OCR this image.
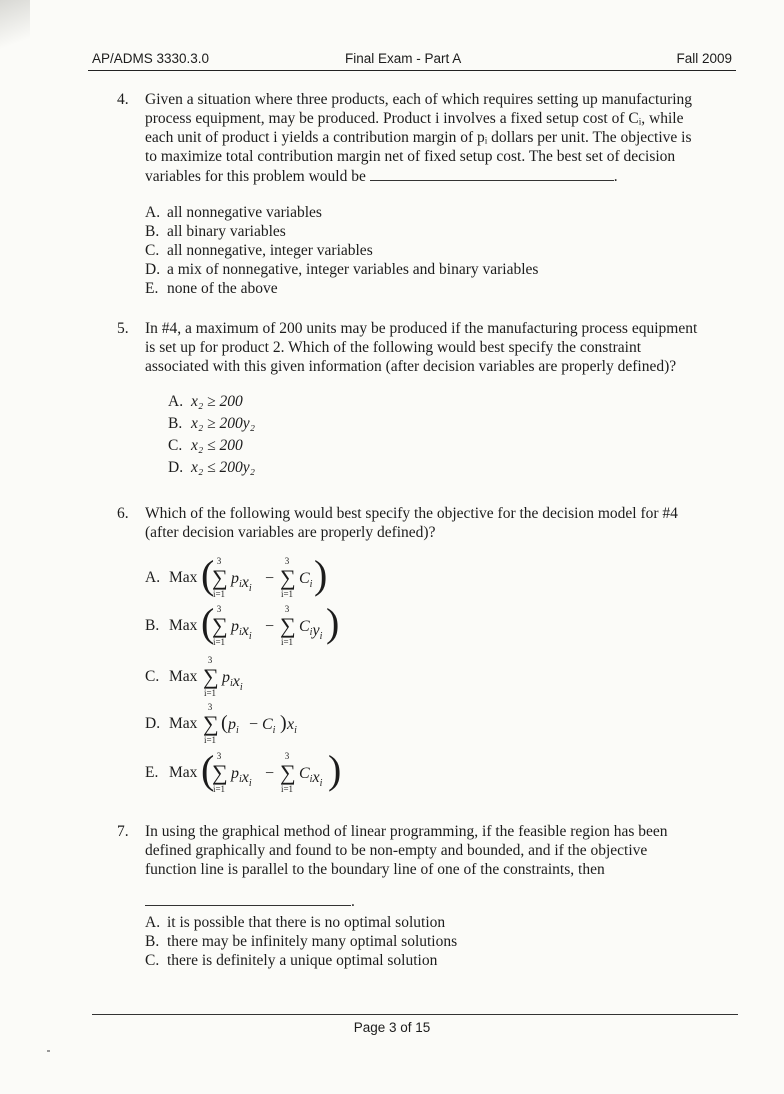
AP/ADMS 3330.3.0	Final Exam - Part A	Fall 2009
4. Given a situation where three products, each of which requires setting up manufacturing
process equipment, may be produced. Product i involves a fixed setup cost of Cᵢ, while
each unit of product i yields a contribution margin of pᵢ dollars per unit. The objective is
to maximize total contribution margin net of fixed setup cost. The best set of decision
variables for this problem would be	.
A. all nonnegative variables
B. all binary variables
C. all nonnegative, integer variables
D. a mix of nonnegative, integer variables and binary variables
E. none of the above
5. In #4, a maximum of 200 units may be produced if the manufacturing process equipment
is set up for product 2. Which of the following would best specify the constraint
associated with this given information (after decision variables are properly defined)?
A. x₂ ≥ 200
B. x₂ ≥ 200y₂
C. x₂ ≤ 200
D. x₂ ≤ 200y₂
6. Which of the following would best specify the objective for the decision model for #4
(after decision variables are properly defined)?
A. Max ( 3
∑
i=1
$p_ix_i$
−
3
∑
i=1
$C_i$ )
B. Max ( 3
∑
i=1
$p_ix_i$
−
3
∑
i=1
$C_iy_i$ )
C. Max
3
∑
i=1
$p_ix_i$
D. Max
3
∑
i=1
( $p_i - C_i$ ) $x_i$
E. Max ( 3
∑
i=1
$p_ix_i$
−
3
∑
i=1
$C_ix_i$ )
7. In using the graphical method of linear programming, if the feasible region has been
defined graphically and found to be non-empty and bounded, and if the objective
function line is parallel to the boundary line of one of the constraints, then
.
A. it is possible that there is no optimal solution
B. there may be infinitely many optimal solutions
C. there is definitely a unique optimal solution
Page 3 of 15
